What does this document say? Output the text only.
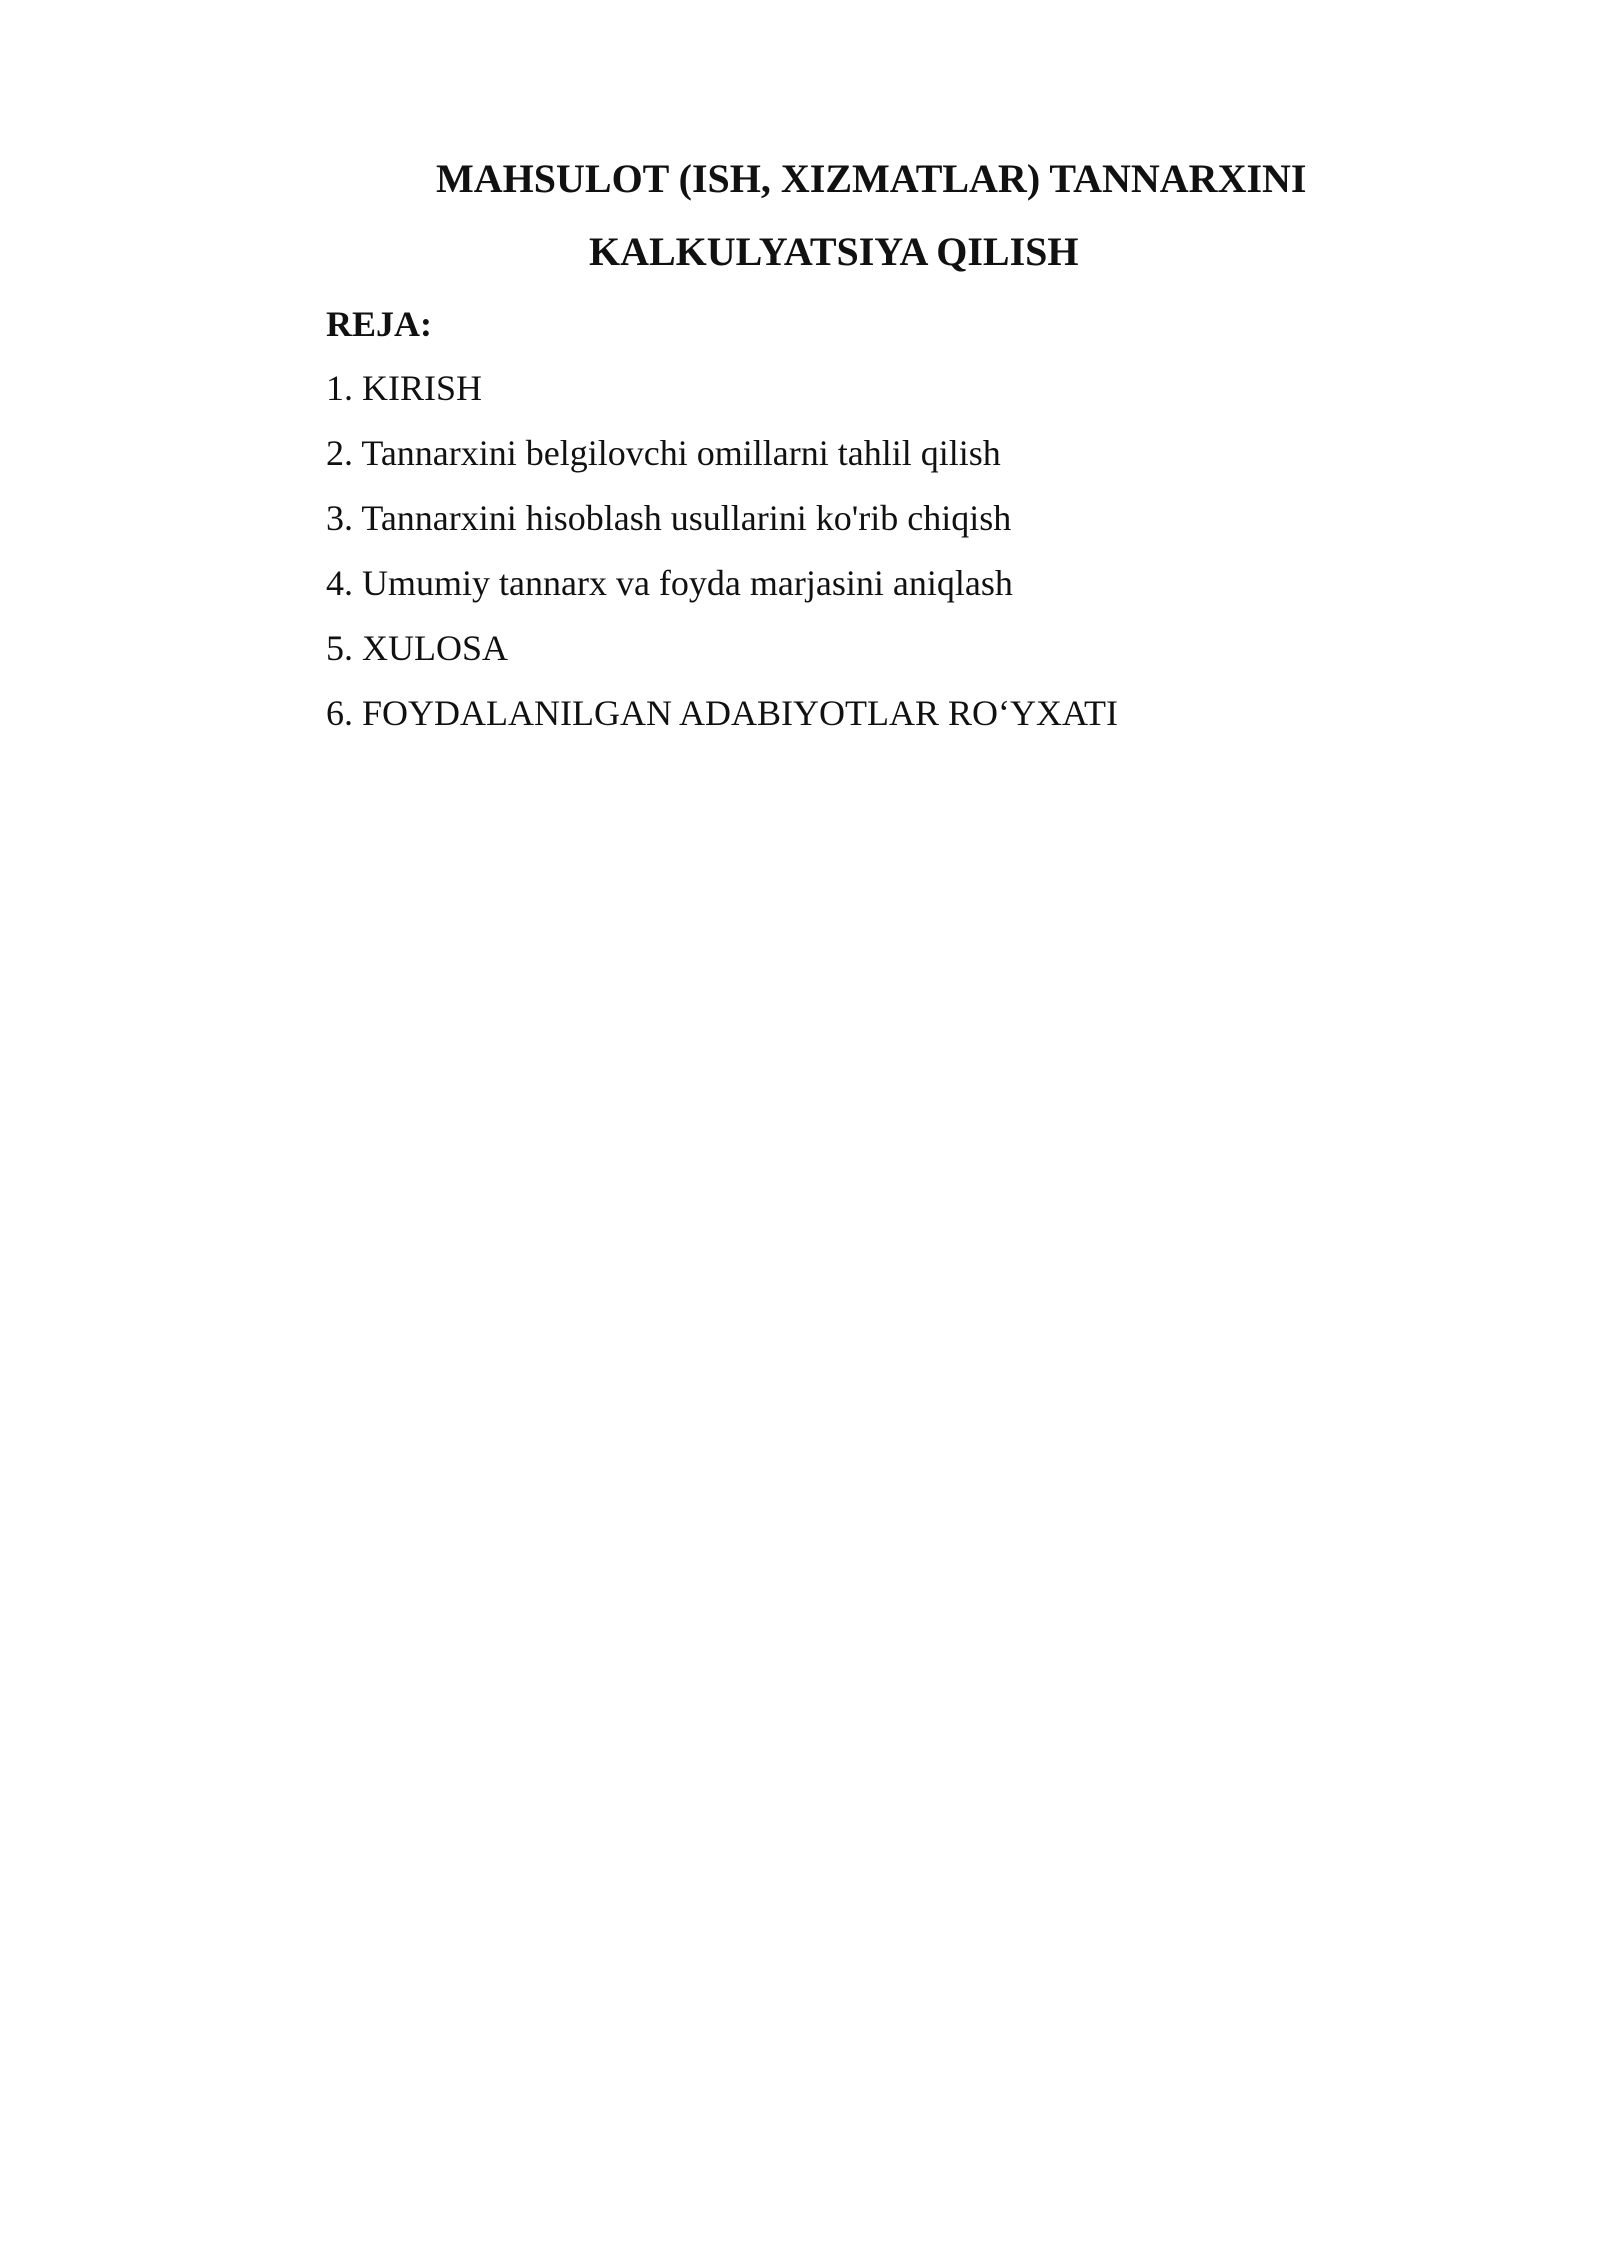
MAHSULOT (ISH, XIZMATLAR) TANNARXINI
KALKULYATSIYA QILISH
REJA:
1. KIRISH
2. Tannarxini belgilovchi omillarni tahlil qilish
3. Tannarxini hisoblash usullarini ko'rib chiqish
4. Umumiy tannarx va foyda marjasini aniqlash
5. XULOSA
6. FOYDALANILGAN ADABIYOTLAR RO‘YXATI
